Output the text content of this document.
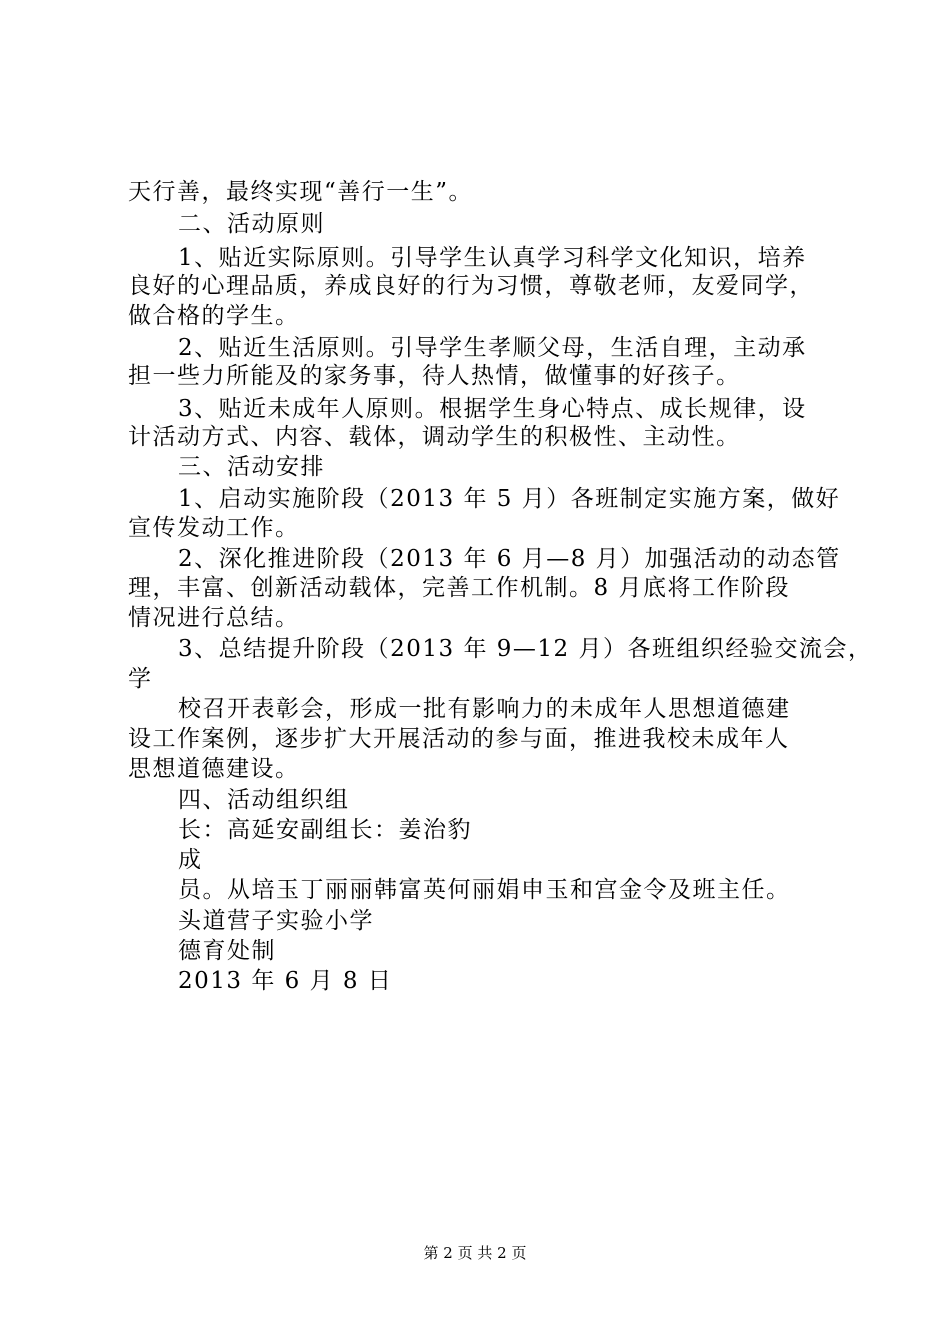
天行善，最终实现“善行一生”。
二、活动原则
1、贴近实际原则。引导学生认真学习科学文化知识，培养
良好的心理品质，养成良好的行为习惯，尊敬老师，友爱同学，
做合格的学生。
2、贴近生活原则。引导学生孝顺父母，生活自理，主动承
担一些力所能及的家务事，待人热情，做懂事的好孩子。
3、贴近未成年人原则。根据学生身心特点、成长规律，设
计活动方式、内容、载体，调动学生的积极性、主动性。
三、活动安排
1、启动实施阶段（2013 年 5 月）各班制定实施方案，做好
宣传发动工作。
2、深化推进阶段（2013 年 6 月—8 月）加强活动的动态管
理，丰富、创新活动载体，完善工作机制。8 月底将工作阶段
情况进行总结。
3、总结提升阶段（2013 年 9—12 月）各班组织经验交流会，
学
校召开表彰会，形成一批有影响力的未成年人思想道德建
设工作案例，逐步扩大开展活动的参与面，推进我校未成年人
思想道德建设。
四、活动组织组
长：高延安副组长：姜治豹
成
员。从培玉丁丽丽韩富英何丽娟申玉和宫金令及班主任。
头道营子实验小学
德育处制
2013 年 6 月 8 日
第 2 页 共 2 页
